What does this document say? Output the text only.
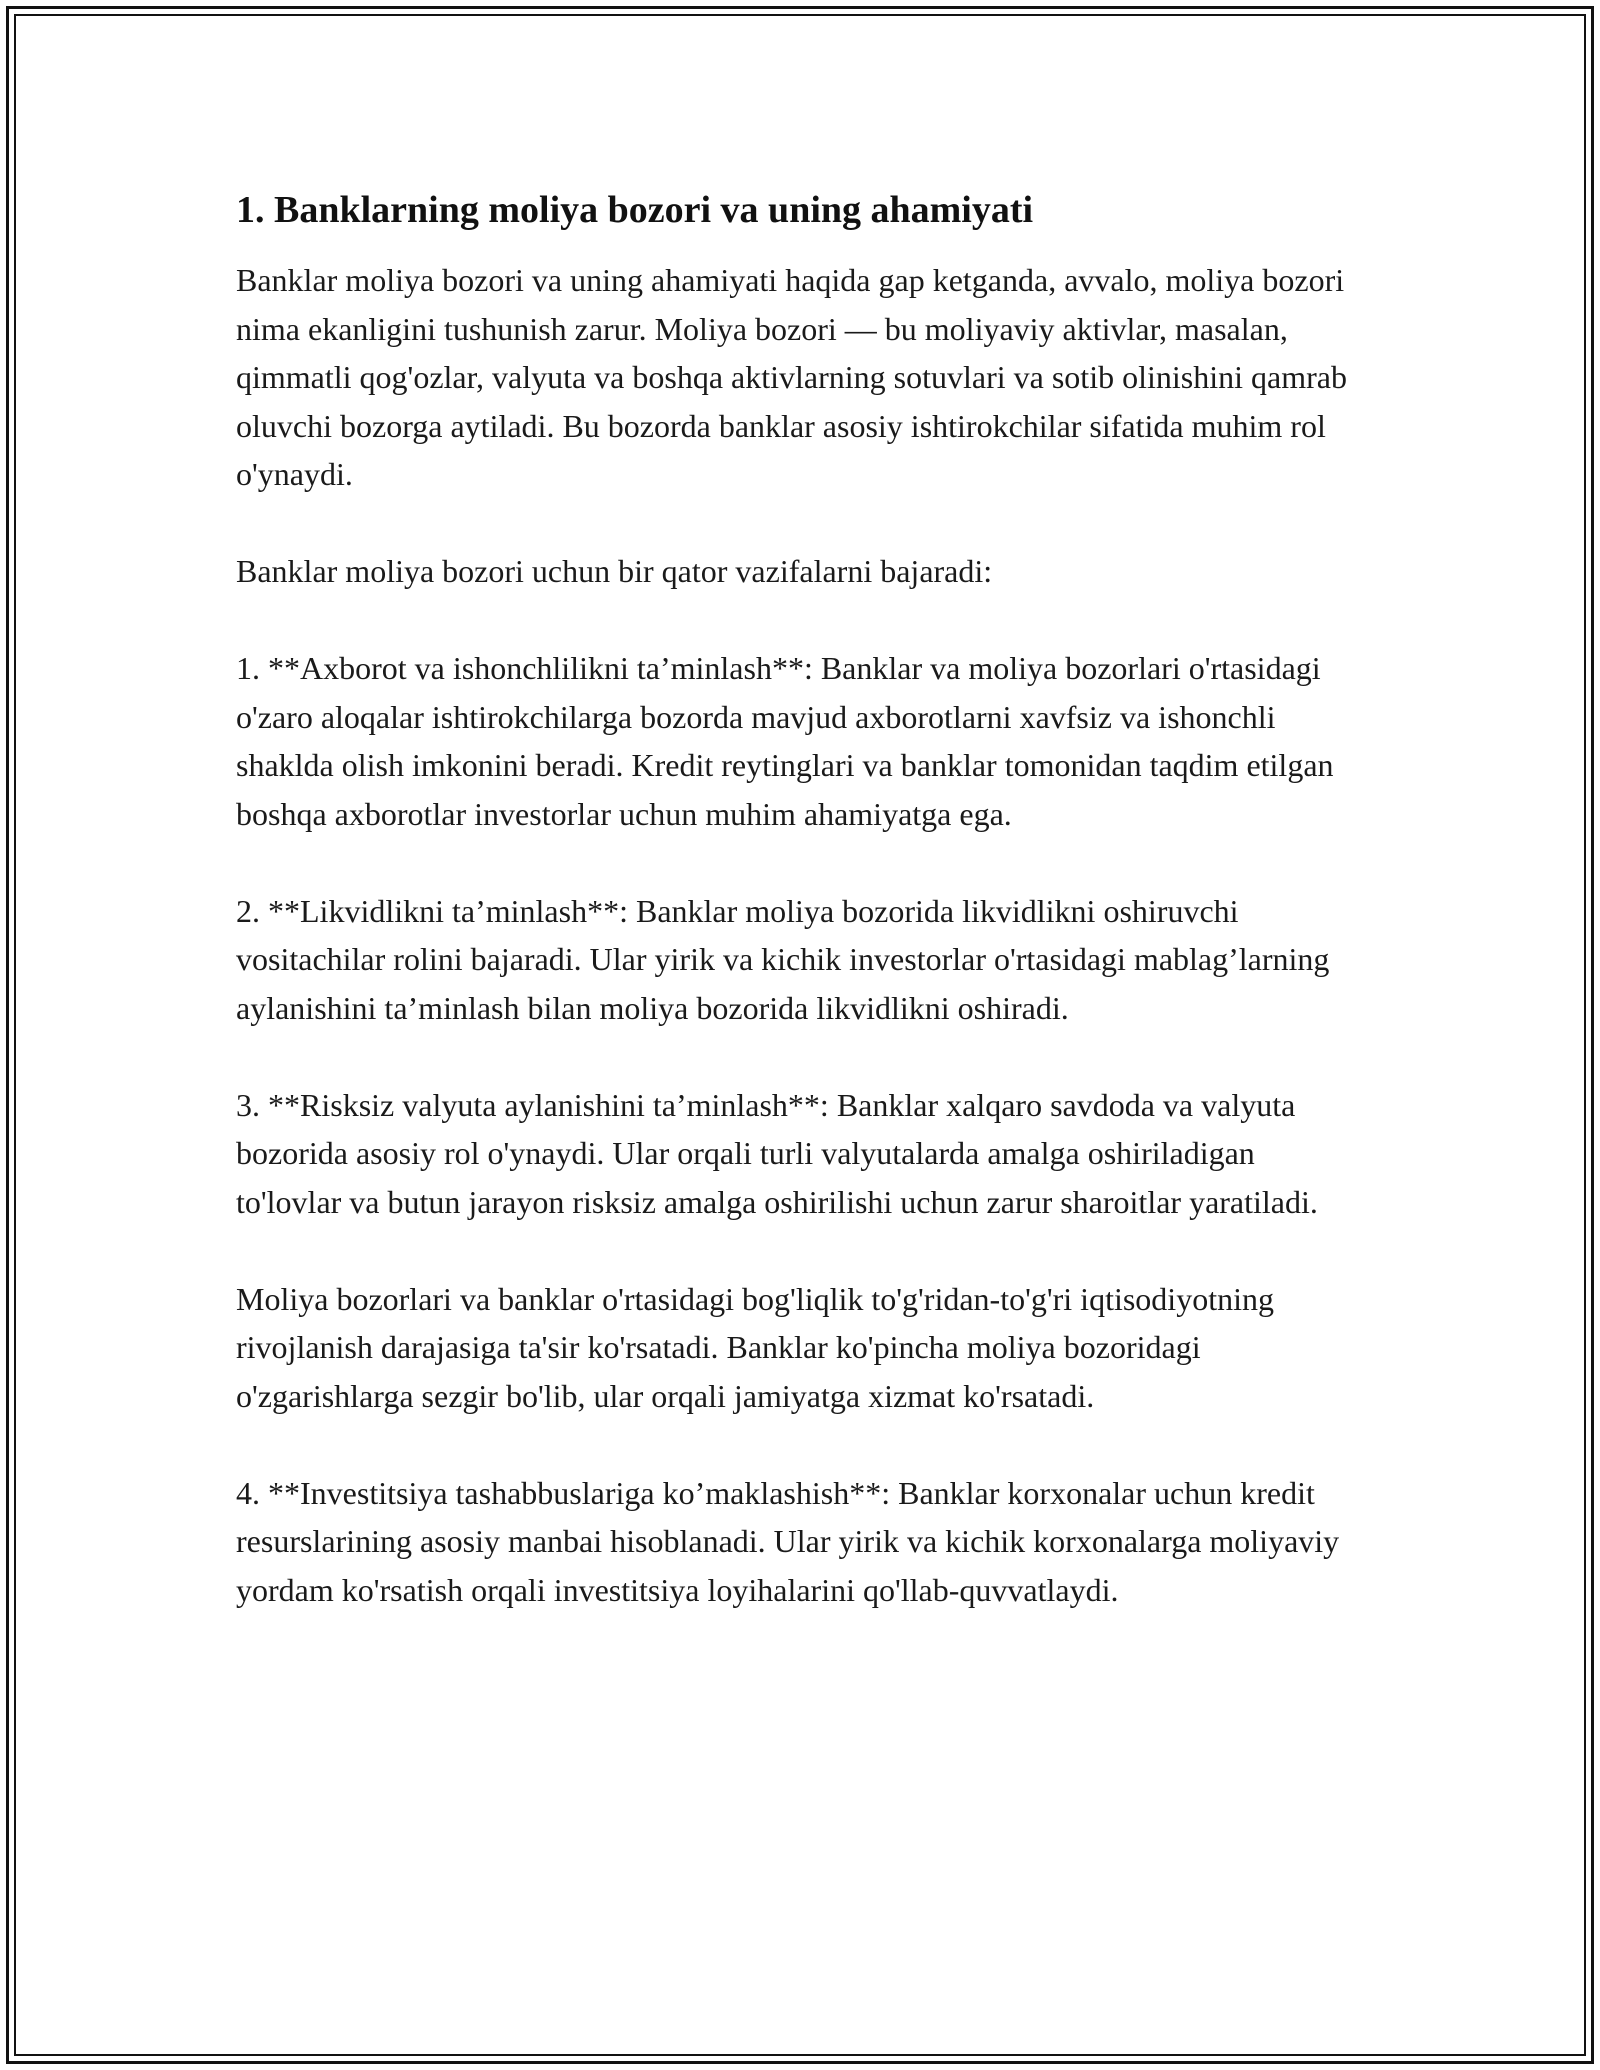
1. Banklarning moliya bozori va uning ahamiyati

Banklar moliya bozori va uning ahamiyati haqida gap ketganda, avvalo, moliya bozori nima ekanligini tushunish zarur. Moliya bozori — bu moliyaviy aktivlar, masalan, qimmatli qog'ozlar, valyuta va boshqa aktivlarning sotuvlari va sotib olinishini qamrab oluvchi bozorga aytiladi. Bu bozorda banklar asosiy ishtirokchilar sifatida muhim rol o'ynaydi.

Banklar moliya bozori uchun bir qator vazifalarni bajaradi:

1. **Axborot va ishonchlilikni ta’minlash**: Banklar va moliya bozorlari o'rtasidagi o'zaro aloqalar ishtirokchilarga bozorda mavjud axborotlarni xavfsiz va ishonchli shaklda olish imkonini beradi. Kredit reytinglari va banklar tomonidan taqdim etilgan boshqa axborotlar investorlar uchun muhim ahamiyatga ega.

2. **Likvidlikni ta’minlash**: Banklar moliya bozorida likvidlikni oshiruvchi vositachilar rolini bajaradi. Ular yirik va kichik investorlar o'rtasidagi mablag’larning aylanishini ta’minlash bilan moliya bozorida likvidlikni oshiradi.

3. **Risksiz valyuta aylanishini ta’minlash**: Banklar xalqaro savdoda va valyuta bozorida asosiy rol o'ynaydi. Ular orqali turli valyutalarda amalga oshiriladigan to'lovlar va butun jarayon risksiz amalga oshirilishi uchun zarur sharoitlar yaratiladi.

Moliya bozorlari va banklar o'rtasidagi bog'liqlik to'g'ridan-to'g'ri iqtisodiyotning rivojlanish darajasiga ta'sir ko'rsatadi. Banklar ko'pincha moliya bozoridagi o'zgarishlarga sezgir bo'lib, ular orqali jamiyatga xizmat ko'rsatadi.

4. **Investitsiya tashabbuslariga ko’maklashish**: Banklar korxonalar uchun kredit resurslarining asosiy manbai hisoblanadi. Ular yirik va kichik korxonalarga moliyaviy yordam ko'rsatish orqali investitsiya loyihalarini qo'llab-quvvatlaydi.
